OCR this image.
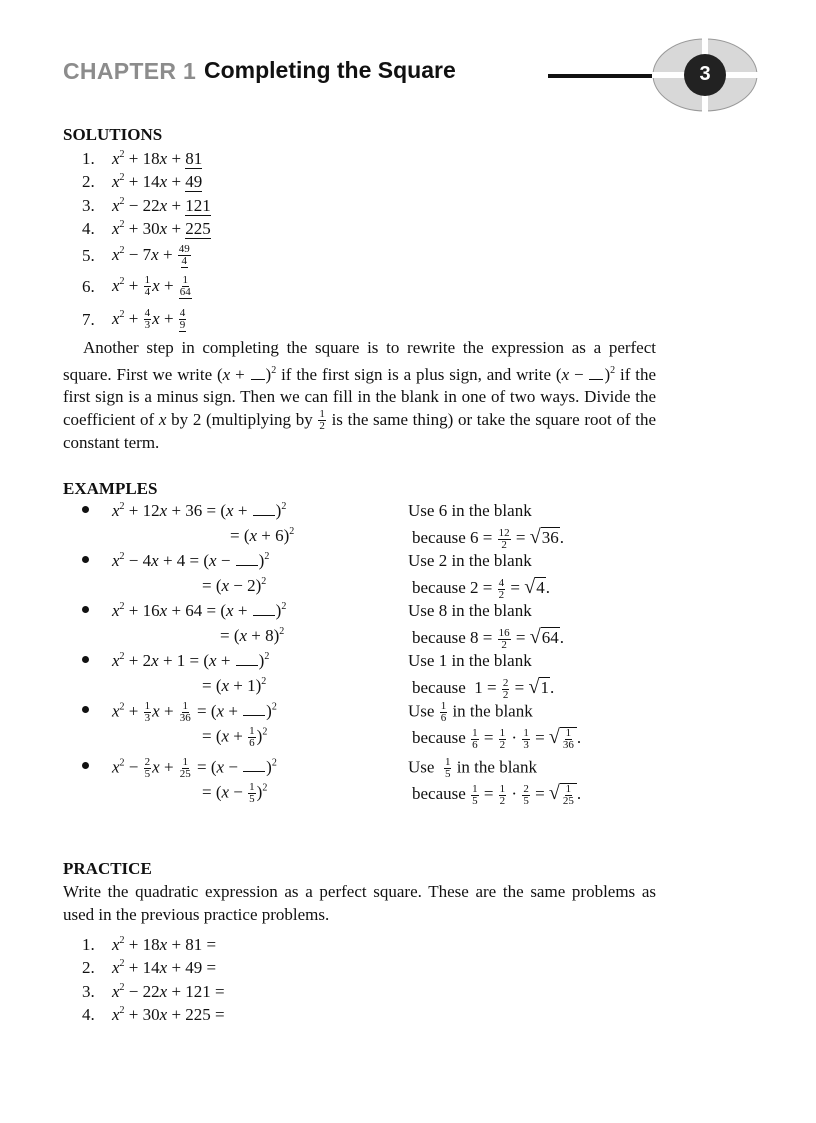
CHAPTER 1 Completing the Square	3
SOLUTIONS
1.	$x^2 + 18x + 81$
2.	$x^2 + 14x + 49$
3.	$x^2 - 22x + 121$
4.	$x^2 + 30x + 225$
5.	$x^2 - 7x + \frac{49}{4}$
6.	$x^2 + \frac{1}{4}$ $x + \frac{1}{64}$
7.	$x^2 + \frac{4}{3}$ $x + \frac{4}{9}$
Another step in completing the square is to rewrite the expression as a perfect square. First we write $(x + )^2$ if the first sign is a plus sign, and write $(x - )^2$ if the first sign is a minus sign. Then we can fill in the blank in one of two ways. Divide the coefficient of x by 2 (multiplying by $\frac{1}{2}$ is the same thing) or take the square root of the constant term.
EXAMPLES
$x^2 + 12x + 36 = (x + )^2$	Use 6 in the blank
= $(x + 6)^2$	because $6 = \frac{12}{2} = √36$.
$x^2 - 4x + 4 = (x - )^2$	Use 2 in the blank
= $(x - 2)^2$	because $2 = \frac{4}{2} = √4$.
$x^2 + 16x + 64 = (x + )^2$	Use 8 in the blank
= $(x + 8)^2$	because $8 = \frac{16}{2} = √64$.
$x^2 + 2x + 1 = (x + )^2$	Use 1 in the blank
= $(x + 1)^2$	because  $1 = \frac{2}{2} = √1$.
$x^2 + \frac{1}{3}$ $x + \frac{1}{36} = (x + )^2$	Use $\frac{1}{6}$ in the blank
= $(x + \frac{1}{6} )^2$	because $\frac{1}{6} = \frac{1}{2} \cdot \frac{1}{3}$ = √ $\frac{1}{36}$ .
$x^2 - \frac{2}{5}$ $x + \frac{1}{25} = (x - )^2$	Use $\frac{1}{5}$ in the blank
= $(x - \frac{1}{5} )^2$	because $\frac{1}{5} = \frac{1}{2} \cdot \frac{2}{5}$ = √ $\frac{1}{25}$ .
PRACTICE
Write the quadratic expression as a perfect square. These are the same problems as used in the previous practice problems.
1.	$x^2 + 18x + 81$ =
2.	$x^2 + 14x + 49$ =
3.	$x^2 - 22x + 121$ =
4.	$x^2 + 30x + 225$ =
